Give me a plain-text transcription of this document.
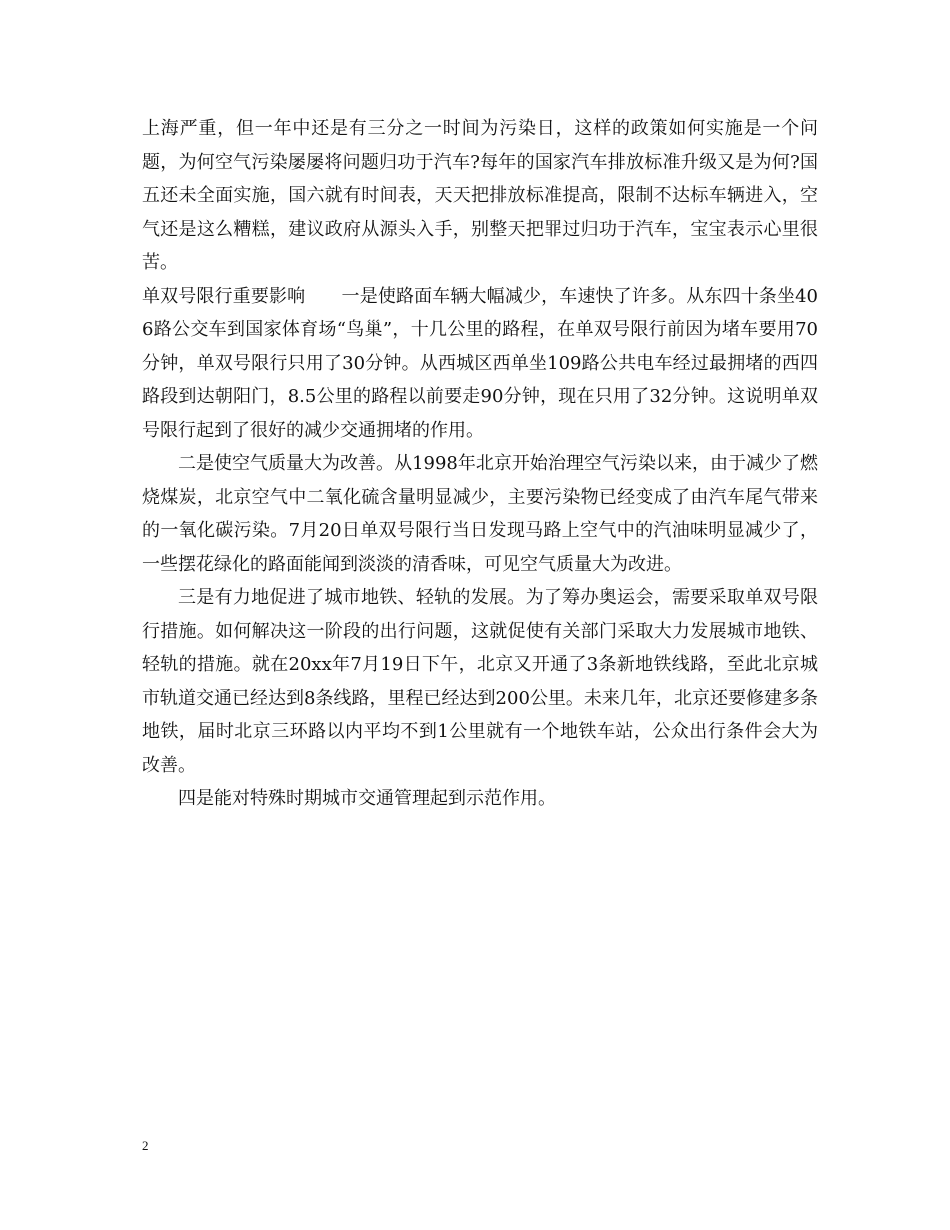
上海严重，但一年中还是有三分之一时间为污染日，这样的政策如何实施是一个问题，为何空气污染屡屡将问题归功于汽车?每年的国家汽车排放标准升级又是为何?国五还未全面实施，国六就有时间表，天天把排放标准提高，限制不达标车辆进入，空气还是这么糟糕，建议政府从源头入手，别整天把罪过归功于汽车，宝宝表示心里很苦。

单双号限行重要影响　　一是使路面车辆大幅减少，车速快了许多。从东四十条坐406路公交车到国家体育场“鸟巢”，十几公里的路程，在单双号限行前因为堵车要用70分钟，单双号限行只用了30分钟。从西城区西单坐109路公共电车经过最拥堵的西四路段到达朝阳门，8.5公里的路程以前要走90分钟，现在只用了32分钟。这说明单双号限行起到了很好的减少交通拥堵的作用。

二是使空气质量大为改善。从1998年北京开始治理空气污染以来，由于减少了燃烧煤炭，北京空气中二氧化硫含量明显减少，主要污染物已经变成了由汽车尾气带来的一氧化碳污染。7月20日单双号限行当日发现马路上空气中的汽油味明显减少了，一些摆花绿化的路面能闻到淡淡的清香味，可见空气质量大为改进。

三是有力地促进了城市地铁、轻轨的发展。为了筹办奥运会，需要采取单双号限行措施。如何解决这一阶段的出行问题，这就促使有关部门采取大力发展城市地铁、轻轨的措施。就在20xx年7月19日下午，北京又开通了3条新地铁线路，至此北京城市轨道交通已经达到8条线路，里程已经达到200公里。未来几年，北京还要修建多条地铁，届时北京三环路以内平均不到1公里就有一个地铁车站，公众出行条件会大为改善。

四是能对特殊时期城市交通管理起到示范作用。

2
